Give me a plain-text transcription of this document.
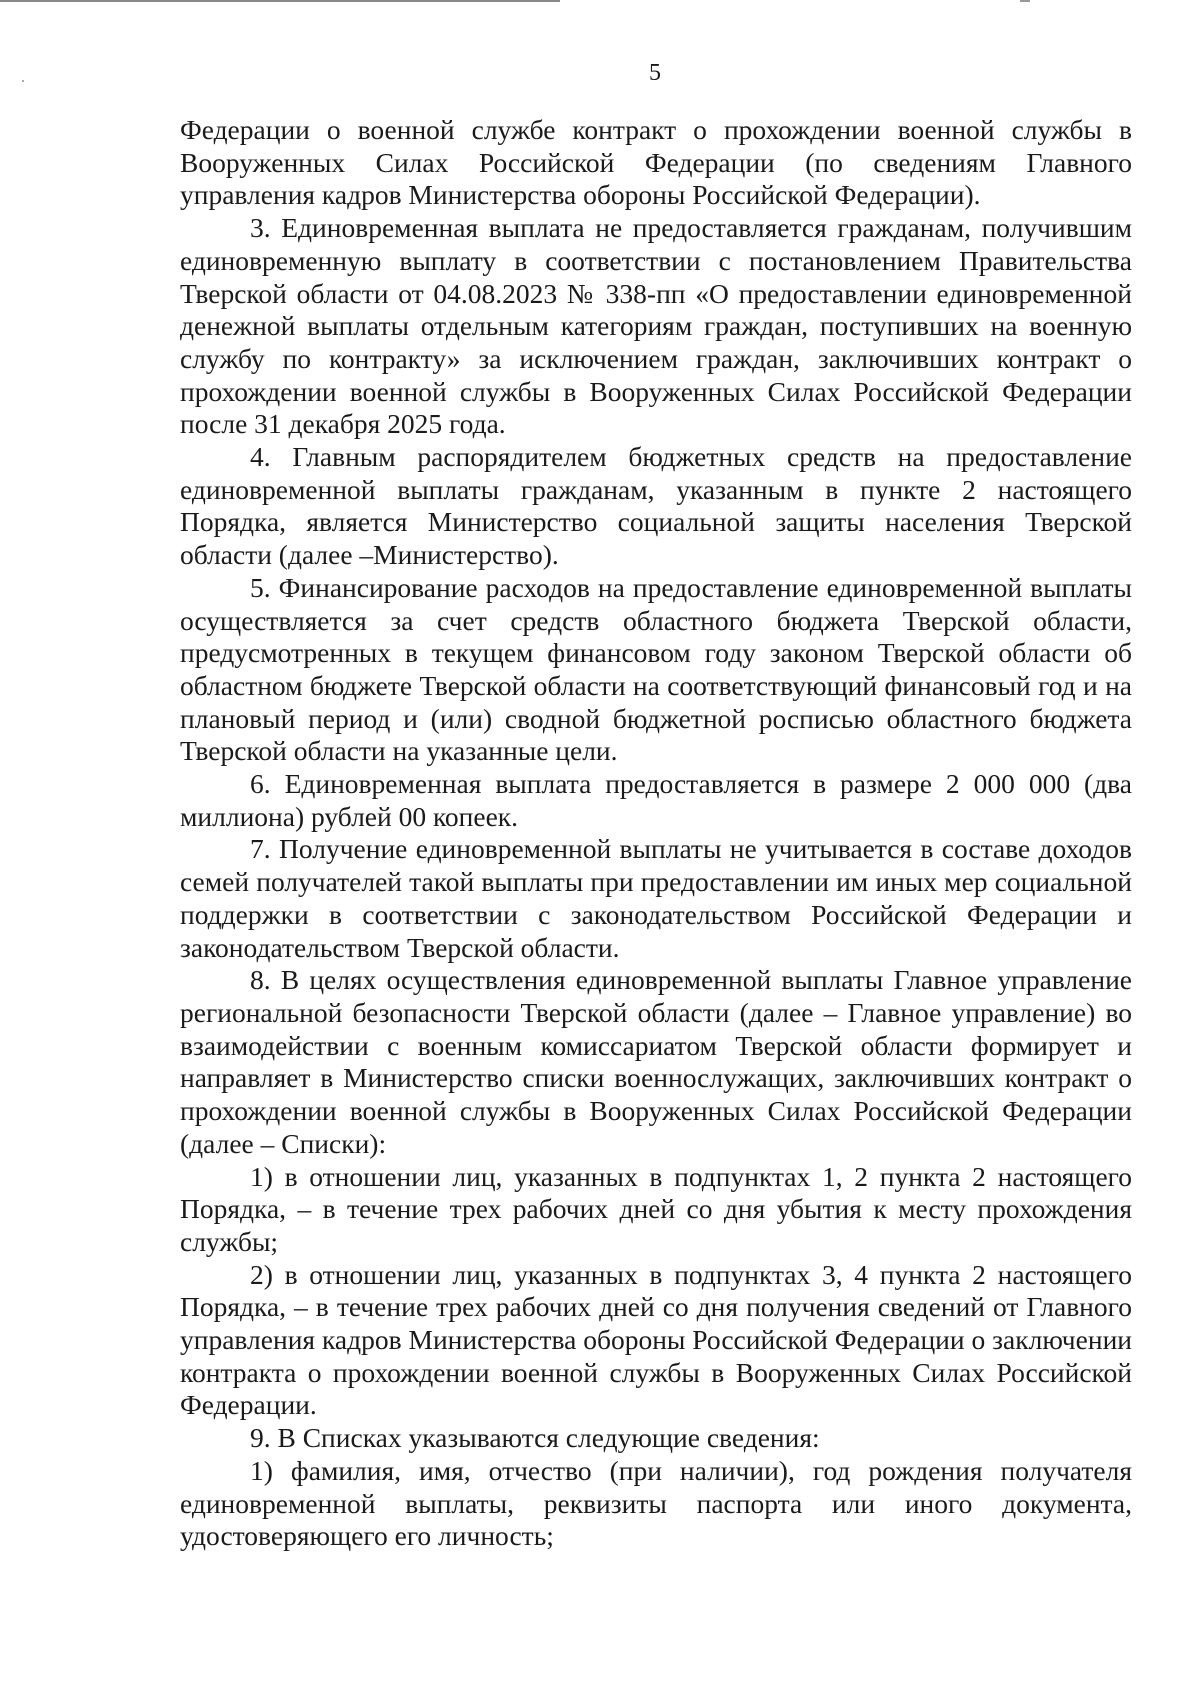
5

Федерации о военной службе контракт о прохождении военной службы в Вооруженных Силах Российской Федерации (по сведениям Главного управления кадров Министерства обороны Российской Федерации).

3. Единовременная выплата не предоставляется гражданам, получившим единовременную выплату в соответствии с постановлением Правительства Тверской области от 04.08.2023 № 338-пп «О предоставлении единовременной денежной выплаты отдельным категориям граждан, поступивших на военную службу по контракту» за исключением граждан, заключивших контракт о прохождении военной службы в Вооруженных Силах Российской Федерации после 31 декабря 2025 года.

4. Главным распорядителем бюджетных средств на предоставление единовременной выплаты гражданам, указанным в пункте 2 настоящего Порядка, является Министерство социальной защиты населения Тверской области (далее –Министерство).

5. Финансирование расходов на предоставление единовременной выплаты осуществляется за счет средств областного бюджета Тверской области, предусмотренных в текущем финансовом году законом Тверской области об областном бюджете Тверской области на соответствующий финансовый год и на плановый период и (или) сводной бюджетной росписью областного бюджета Тверской области на указанные цели.

6. Единовременная выплата предоставляется в размере 2 000 000 (два миллиона) рублей 00 копеек.

7. Получение единовременной выплаты не учитывается в составе доходов семей получателей такой выплаты при предоставлении им иных мер социальной поддержки в соответствии с законодательством Российской Федерации и законодательством Тверской области.

8. В целях осуществления единовременной выплаты Главное управление региональной безопасности Тверской области (далее – Главное управление) во взаимодействии с военным комиссариатом Тверской области формирует и направляет в Министерство списки военнослужащих, заключивших контракт о прохождении военной службы в Вооруженных Силах Российской Федерации (далее – Списки):

1) в отношении лиц, указанных в подпунктах 1, 2 пункта 2 настоящего Порядка, – в течение трех рабочих дней со дня убытия к месту прохождения службы;

2) в отношении лиц, указанных в подпунктах 3, 4 пункта 2 настоящего Порядка, – в течение трех рабочих дней со дня получения сведений от Главного управления кадров Министерства обороны Российской Федерации о заключении контракта о прохождении военной службы в Вооруженных Силах Российской Федерации.

9. В Списках указываются следующие сведения:

1) фамилия, имя, отчество (при наличии), год рождения получателя единовременной выплаты, реквизиты паспорта или иного документа, удостоверяющего его личность;
